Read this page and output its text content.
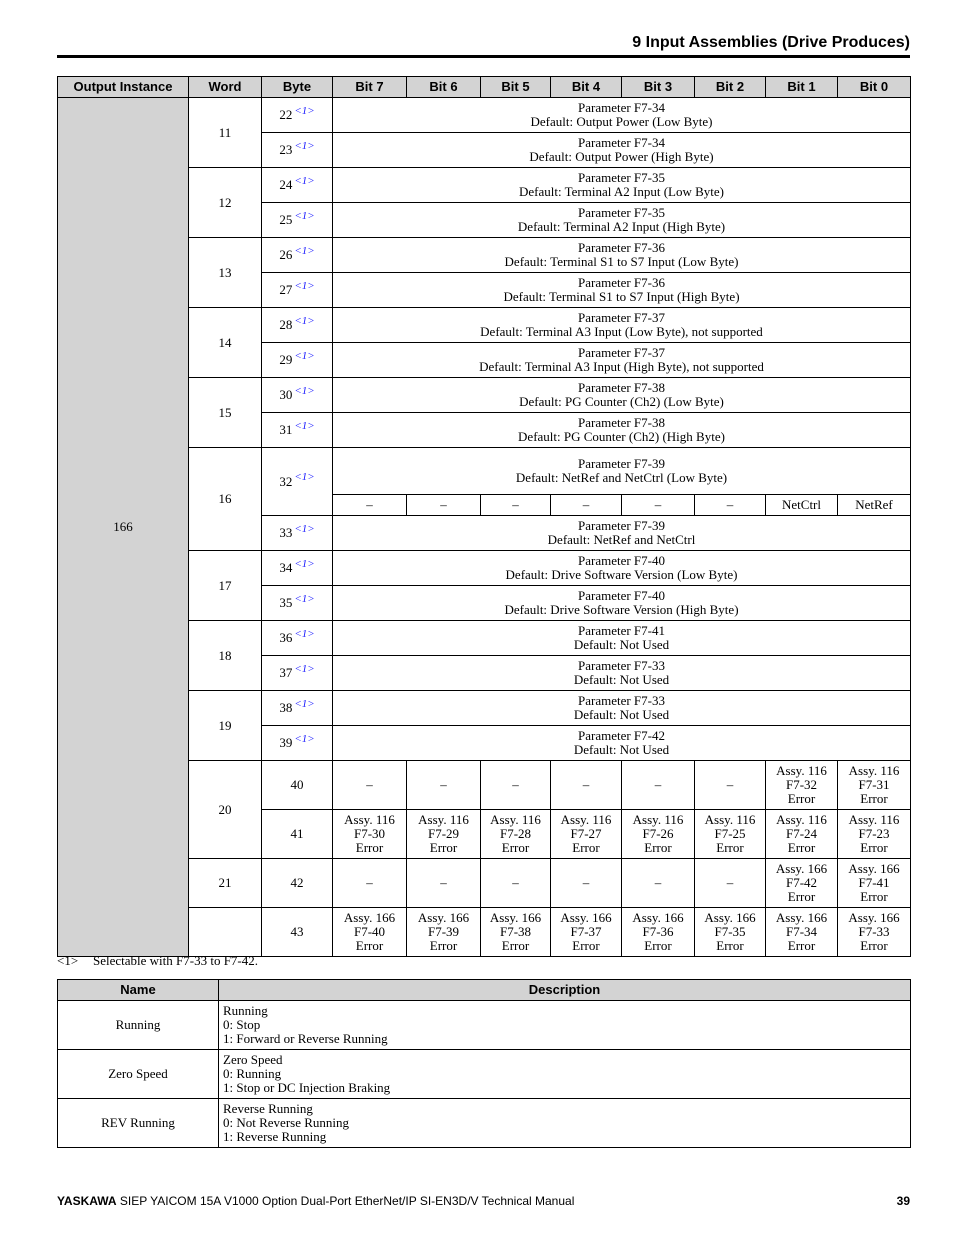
9 Input Assemblies (Drive Produces)
Output Instance	Word	Byte	Bit 7	Bit 6	Bit 5	Bit 4	Bit 3	Bit 2	Bit 1	Bit 0
166	11	22 $^{<1>}$	Parameter F7-34
Default: Output Power (Low Byte)							
		23 $^{<1>}$	Parameter F7-34
Default: Output Power (High Byte)							
	12	24 $^{<1>}$	Parameter F7-35
Default: Terminal A2 Input (Low Byte)							
		25 $^{<1>}$	Parameter F7-35
Default: Terminal A2 Input (High Byte)							
	13	26 $^{<1>}$	Parameter F7-36
Default: Terminal S1 to S7 Input (Low Byte)							
		27 $^{<1>}$	Parameter F7-36
Default: Terminal S1 to S7 Input (High Byte)							
	14	28 $^{<1>}$	Parameter F7-37
Default: Terminal A3 Input (Low Byte), not supported							
		29 $^{<1>}$	Parameter F7-37
Default: Terminal A3 Input (High Byte), not supported							
	15	30 $^{<1>}$	Parameter F7-38
Default: PG Counter (Ch2) (Low Byte)							
		31 $^{<1>}$	Parameter F7-38
Default: PG Counter (Ch2) (High Byte)							
	16	32 $^{<1>}$	Parameter F7-39
Default: NetRef and NetCtrl (Low Byte)							
			–	–	–	–	–	–	NetCtrl	NetRef
		33 $^{<1>}$	Parameter F7-39
Default: NetRef and NetCtrl							
	17	34 $^{<1>}$	Parameter F7-40
Default: Drive Software Version (Low Byte)							
		35 $^{<1>}$	Parameter F7-40
Default: Drive Software Version (High Byte)							
	18	36 $^{<1>}$	Parameter F7-41
Default: Not Used							
		37 $^{<1>}$	Parameter F7-33
Default: Not Used							
	19	38 $^{<1>}$	Parameter F7-33
Default: Not Used							
		39 $^{<1>}$	Parameter F7-42
Default: Not Used							
	20	40	–	–	–	–	–	–	Assy. 116
F7-32
Error	Assy. 116
F7-31
Error
		41	Assy. 116
F7-30
Error	Assy. 116
F7-29
Error	Assy. 116
F7-28
Error	Assy. 116
F7-27
Error	Assy. 116
F7-26
Error	Assy. 116
F7-25
Error	Assy. 116
F7-24
Error	Assy. 116
F7-23
Error
	21	42	–	–	–	–	–	–	Assy. 166
F7-42
Error	Assy. 166
F7-41
Error
		43	Assy. 166
F7-40
Error	Assy. 166
F7-39
Error	Assy. 166
F7-38
Error	Assy. 166
F7-37
Error	Assy. 166
F7-36
Error	Assy. 166
F7-35
Error	Assy. 166
F7-34
Error	Assy. 166
F7-33
Error
<1> Selectable with F7-33 to F7-42.
Name	Description
Running	Running
0: Stop
1: Forward or Reverse Running
Zero Speed	Zero Speed
0: Running
1: Stop or DC Injection Braking
REV Running	Reverse Running
0: Not Reverse Running
1: Reverse Running
YASKAWA SIEP YAICOM 15A V1000 Option Dual-Port EtherNet/IP SI-EN3D/V Technical Manual	39
